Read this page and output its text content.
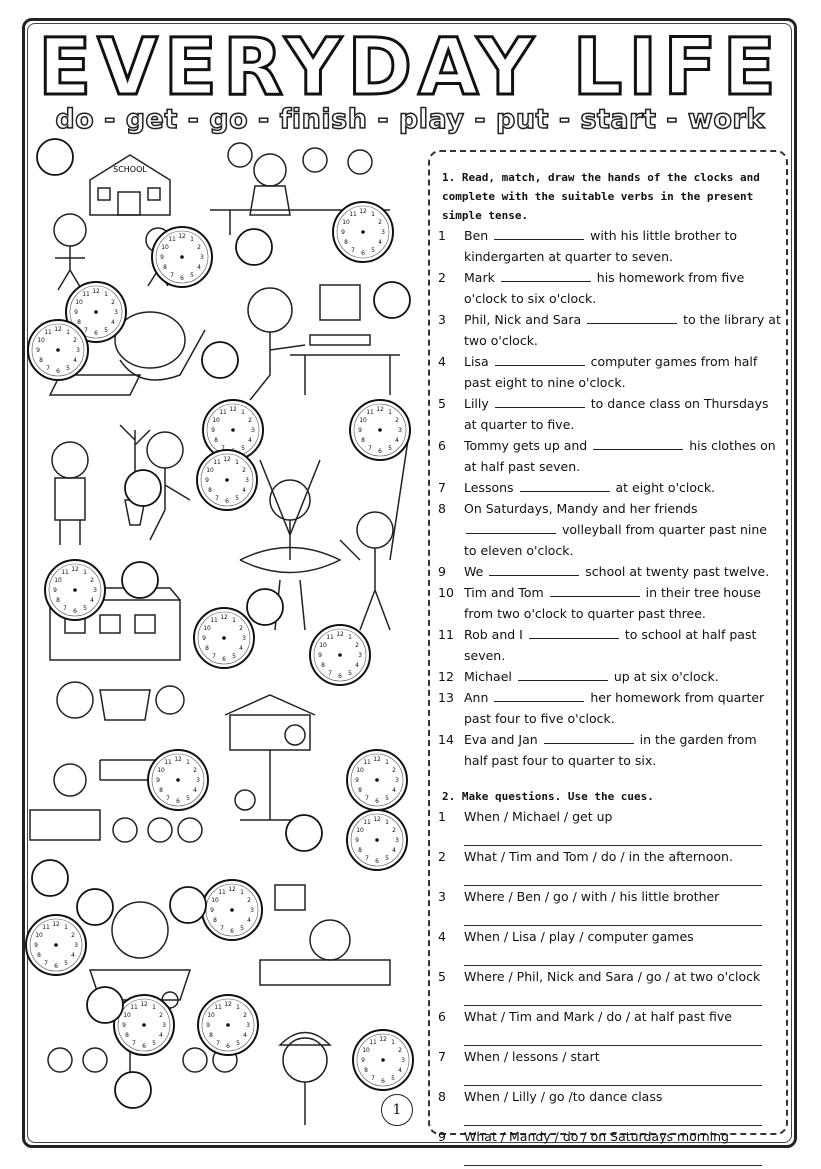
EVERYDAY LIFE
do - get - go - finish - play - put - start - work
12 1
2
6
7
8
9
10
11
SCHOOL
1
1. Read, match, draw the hands of the clocks and complete with the suitable verbs in the present simple tense.
1	Ben	with his little brother to kindergarten at quarter to seven.
2	Mark	his homework from five o'clock to six o'clock.
3	Phil, Nick and Sara	to the library at two o'clock.
4	Lisa	computer games from half past eight to nine o'clock.
5	Lilly	to dance class on Thursdays at quarter to five.
6	Tommy gets up and	his clothes on at half past seven.
7	Lessons	at eight o'clock.
8	On Saturdays, Mandy and her friends  volleyball from quarter past nine to eleven o'clock.
9	We	school at twenty past twelve.
10 Tim and Tom	in their tree house from two o'clock to quarter past three.
11 Rob and I	to school at half past seven.
12 Michael	up at six o'clock.
13 Ann	her homework from quarter past four to five o'clock.
14 Eva and Jan	in the garden from half past four to quarter to six.
2. Make questions. Use the cues.
1	When / Michael / get up
2	What / Tim and Tom / do / in the afternoon.
3	Where / Ben / go / with / his little brother
4	When / Lisa / play / computer games
5	Where / Phil, Nick and Sara / go / at two o'clock
6	What / Tim and Mark / do / at half past five
7	When / lessons / start
8	When / Lilly / go /to dance class
9	What / Mandy / do / on Saturdays morning
